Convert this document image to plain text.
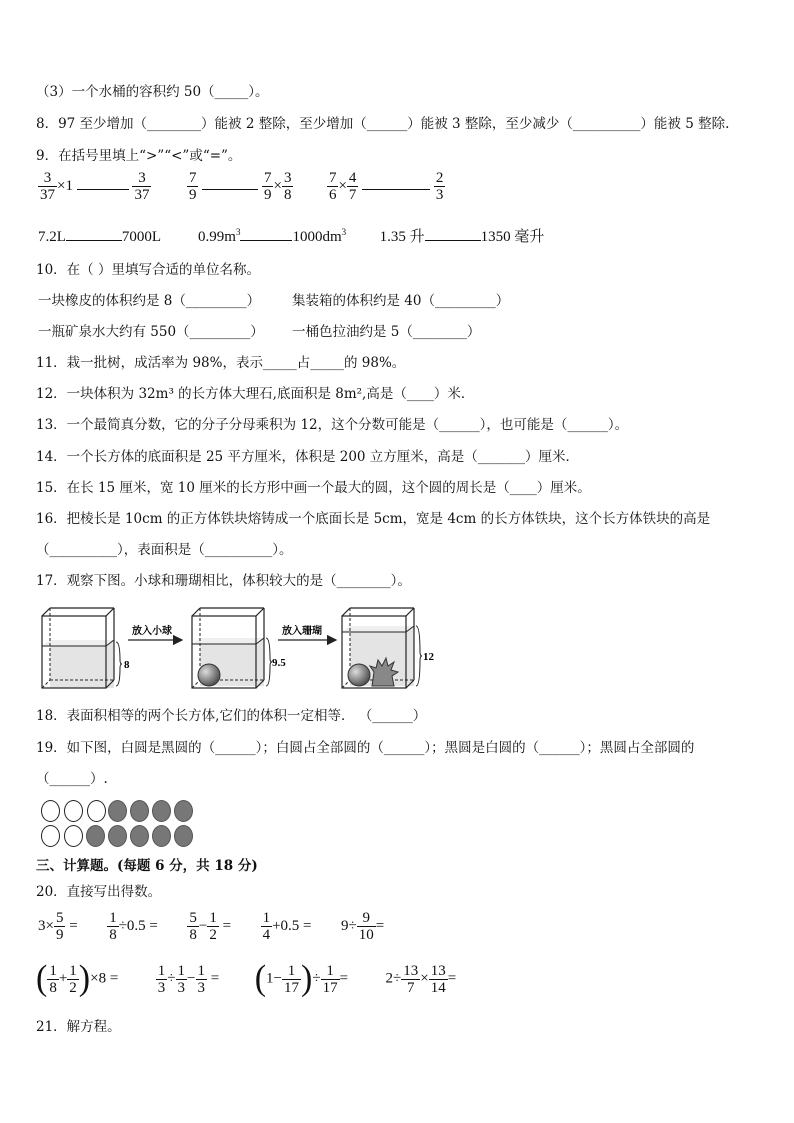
（3）一个水桶的容积约 50（_____）。
8．97 至少增加（________）能被 2 整除，至少增加（______）能被 3 整除，至少减少（__________）能被 5 整除.
9．在括号里填上“>”“<”或“=”。
$\frac{3}{37} \times 1$	$\frac{3}{37}$
$\frac{7}{9}$
	$\frac{7}{9} \times \frac{3}{8}$
$\frac{7}{6} \times \frac{4}{7}$
	$\frac{2}{3}$
7.2L	7000L	$0.99m^3$	$1000dm^3$ 1.35 升	1350 毫升
10．在（ ）里填写合适的单位名称。
一块橡皮的体积约是 8（_________） 集装箱的体积约是 40（_________）
一瓶矿泉水大约有 550（_________） 一桶色拉油约是 5（________）
11．栽一批树，成活率为 98%，表示_____占_____的 98%。
12．一块体积为 32m³ 的长方体大理石,底面积是 8m²,高是（____）米．
13．一个最简真分数，它的分子分母乘积为 12，这个分数可能是（______），也可能是（______）。
14．一个长方体的底面积是 25 平方厘米，体积是 200 立方厘米，高是（_______）厘米．
15．在长 15 厘米，宽 10 厘米的长方形中画一个最大的圆，这个圆的周长是（____）厘米。
16．把棱长是 10cm 的正方体铁块熔铸成一个底面长是 5cm，宽是 4cm 的长方体铁块，这个长方体铁块的高是
（__________），表面积是（__________）。
17．观察下图。小球和珊瑚相比，体积较大的是（________）。
8
放入小球
9.5
放入珊瑚
12
18．表面积相等的两个长方体,它们的体积一定相等． （______）
19．如下图，白圆是黑圆的（______）；白圆占全部圆的（______）；黑圆是白圆的（______）；黑圆占全部圆的
（______）.
三、计算题。(每题 6 分，共 18 分)
20．直接写出得数。
$3\times \frac{5}{9} = \frac{1}{8} \div 0.5 = \frac{5}{8} - \frac{1}{2} = \frac{1}{4} +0.5 = 9\div \frac{9}{10}$ =
( $\frac{1}{8} + \frac{1}{2} )\times 8$ =	$\frac{1}{3} \div \frac{1}{3} - \frac{1}{3} = (1- \frac{1}{17}$ )÷ $\frac{1}{17}$ =	$2\div \frac{13}{7} \times \frac{13}{14}$ =
21．解方程。
